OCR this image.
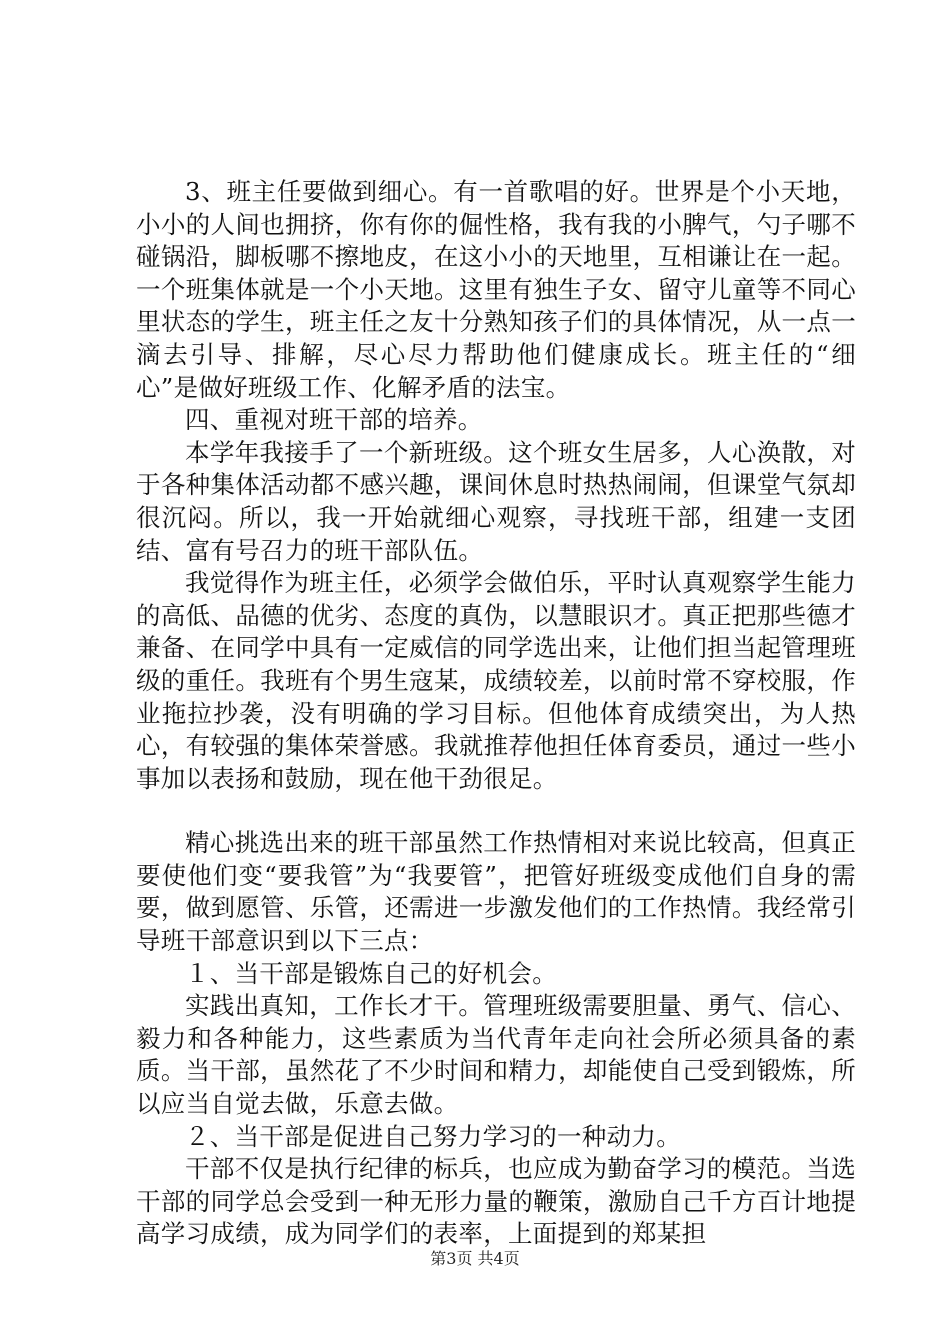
3、班主任要做到细心。有一首歌唱的好。世界是个小天地，小小的人间也拥挤，你有你的倔性格，我有我的小脾气，勺子哪不碰锅沿，脚板哪不擦地皮，在这小小的天地里，互相谦让在一起。一个班集体就是一个小天地。这里有独生子女、留守儿童等不同心里状态的学生，班主任之友十分熟知孩子们的具体情况，从一点一滴去引导、排解，尽心尽力帮助他们健康成长。班主任的“细心”是做好班级工作、化解矛盾的法宝。

四、重视对班干部的培养。

本学年我接手了一个新班级。这个班女生居多，人心涣散，对于各种集体活动都不感兴趣，课间休息时热热闹闹，但课堂气氛却很沉闷。所以，我一开始就细心观察，寻找班干部，组建一支团结、富有号召力的班干部队伍。

我觉得作为班主任，必须学会做伯乐，平时认真观察学生能力的高低、品德的优劣、态度的真伪，以慧眼识才。真正把那些德才兼备、在同学中具有一定威信的同学选出来，让他们担当起管理班级的重任。我班有个男生寇某，成绩较差，以前时常不穿校服，作业拖拉抄袭，没有明确的学习目标。但他体育成绩突出，为人热心，有较强的集体荣誉感。我就推荐他担任体育委员，通过一些小事加以表扬和鼓励，现在他干劲很足。

精心挑选出来的班干部虽然工作热情相对来说比较高，但真正要使他们变“要我管”为“我要管”，把管好班级变成他们自身的需要，做到愿管、乐管，还需进一步激发他们的工作热情。我经常引导班干部意识到以下三点：

１、当干部是锻炼自己的好机会。

实践出真知，工作长才干。管理班级需要胆量、勇气、信心、毅力和各种能力，这些素质为当代青年走向社会所必须具备的素质。当干部，虽然花了不少时间和精力，却能使自己受到锻炼，所以应当自觉去做，乐意去做。

２、当干部是促进自己努力学习的一种动力。

干部不仅是执行纪律的标兵，也应成为勤奋学习的模范。当选干部的同学总会受到一种无形力量的鞭策，激励自己千方百计地提高学习成绩，成为同学们的表率，上面提到的郑某担

第3页 共4页
